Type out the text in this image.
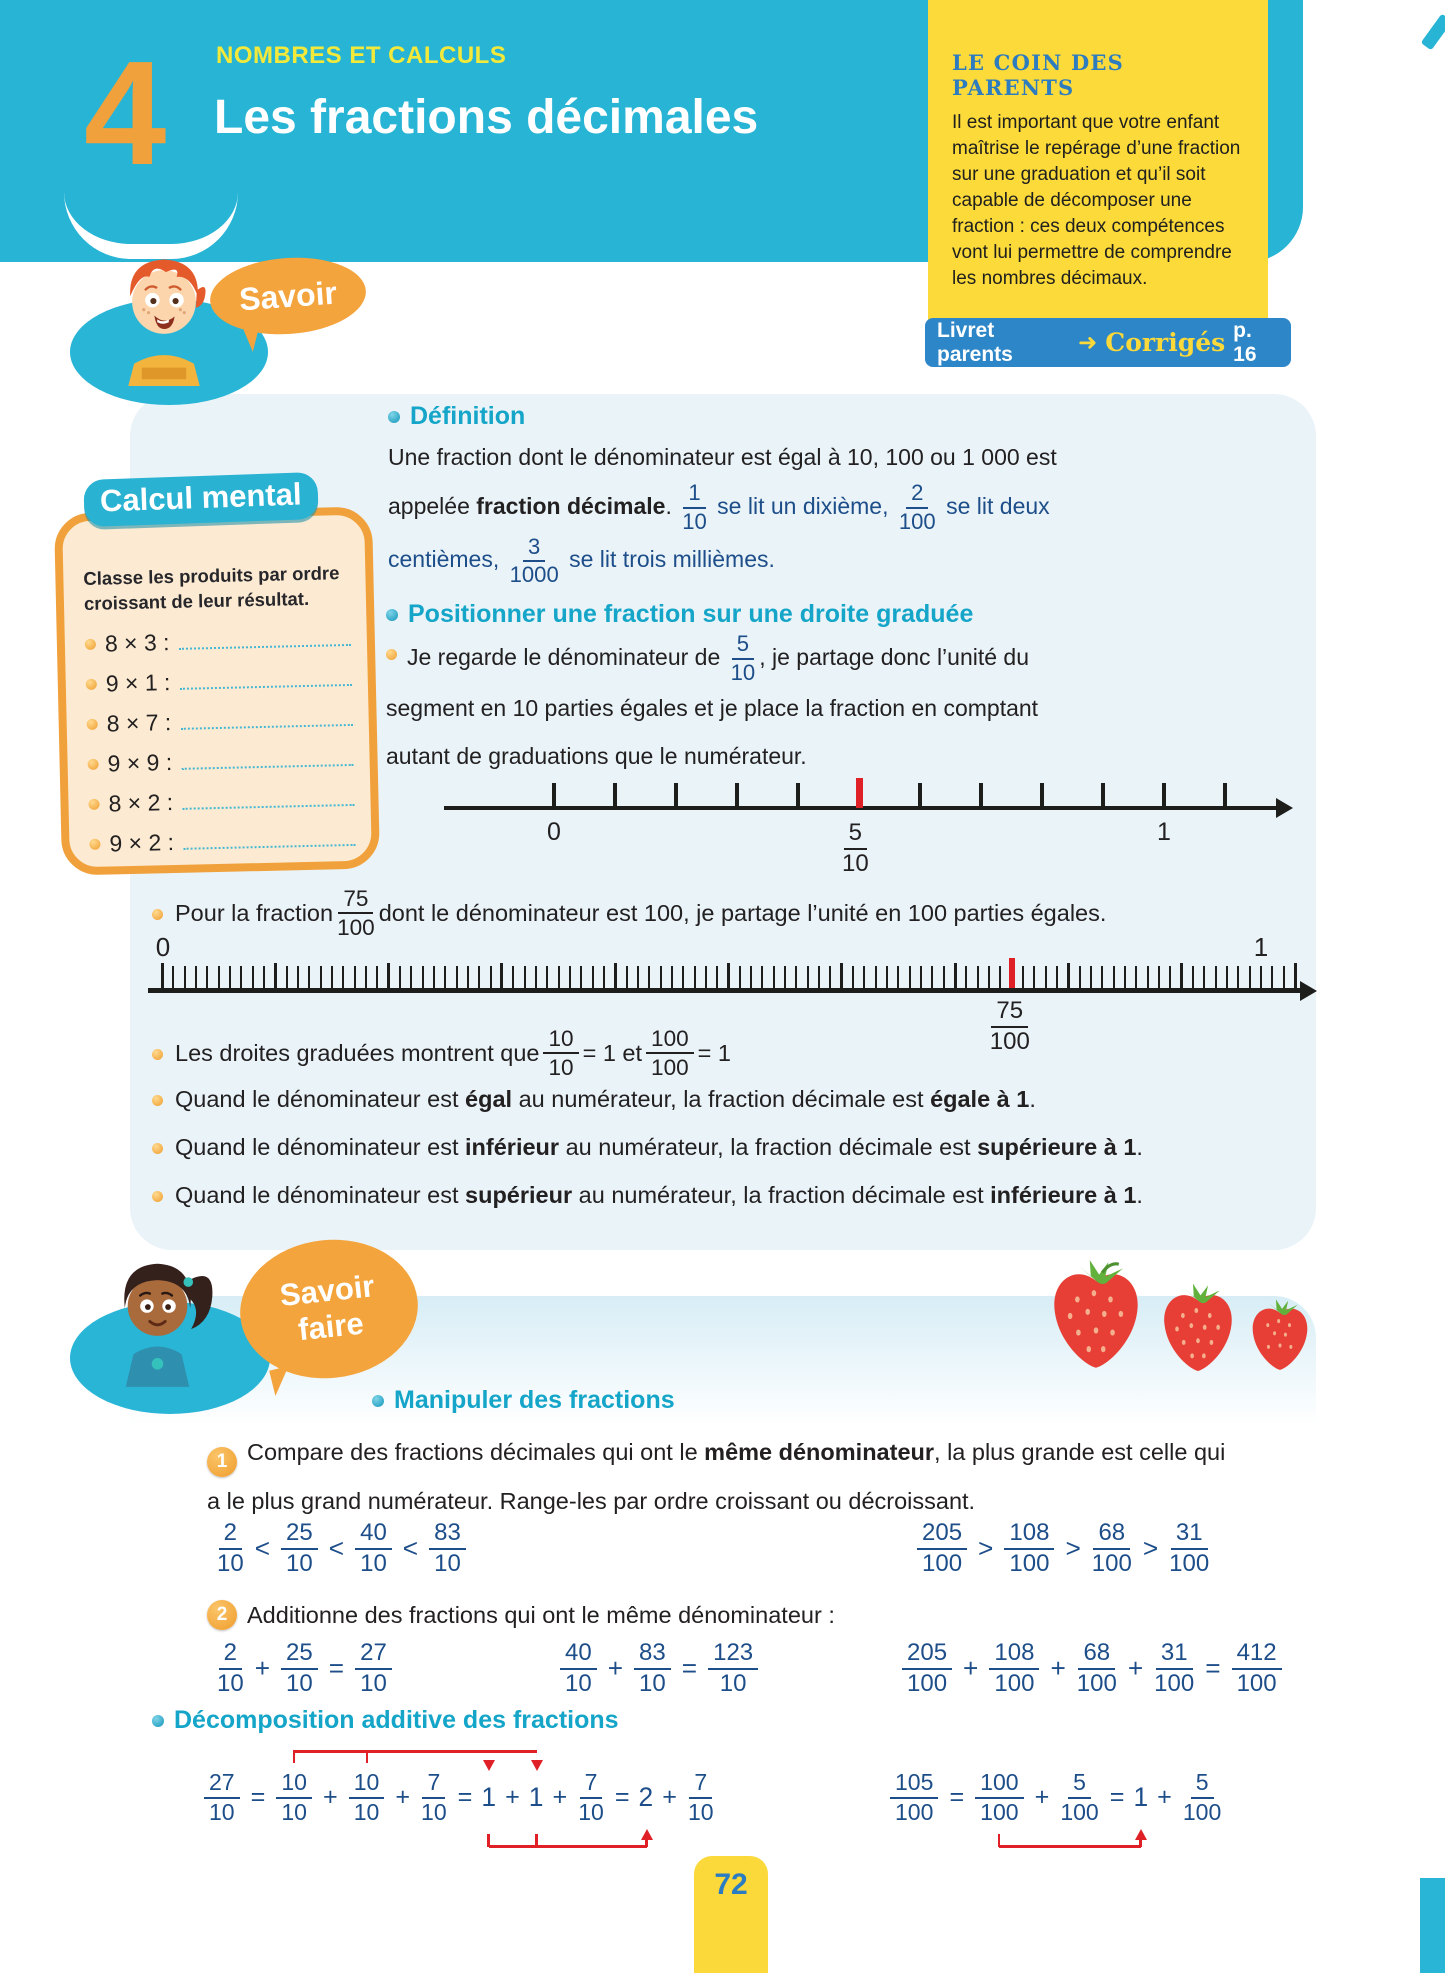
4 NOMBRES ET CALCULS
Les fractions décimales
LE COIN DES PARENTS
Il est important que votre enfant maîtrise le repérage d’une fraction sur une graduation et qu’il soit capable de décomposer une fraction : ces deux compétences vont lui permettre de comprendre les nombres décimaux.
Livret parents	➜ Corrigés p. 16
Savoir
Classe les produits par ordre
croissant de leur résultat.
8 × 3 :
9 × 1 :
8 × 7 :
9 × 9 :
8 × 2 :
9 × 2 :
Calcul mental
Définition
Une fraction dont le dénominateur est égal à 10, 100 ou 1 000 est
appelée fraction décimale. $\frac{1}{10}$ se lit un dixième, $\frac{2}{100}$ se lit deux
centièmes, $\frac{3}{1000}$ se lit trois millièmes.
Positionner une fraction sur une droite graduée
Je regarde le dénominateur de $\frac{5}{10}$ , je partage donc l’unité du
segment en 10 parties égales et je place la fraction en comptant
autant de graduations que le numérateur.
0	1
$\frac{5}{10}$
Pour la fraction $\frac{75}{100}$ dont le dénominateur est 100, je partage l’unité en 100 parties égales.
0	1
$\frac{75}{100}$
Les droites graduées montrent que $\frac{10}{10} = 1$ et $\frac{100}{100} = 1$
Quand le dénominateur est égal au numérateur, la fraction décimale est égale à 1.
Quand le dénominateur est inférieur au numérateur, la fraction décimale est supérieure à 1.
Quand le dénominateur est supérieur au numérateur, la fraction décimale est inférieure à 1.
Savoir
faire
Manipuler des fractions
1 Compare des fractions décimales qui ont le même dénominateur, la plus grande est celle qui
a le plus grand numérateur. Range-les par ordre croissant ou décroissant.
$\frac{2}{10} < \frac{25}{10} < \frac{40}{10} < \frac{83}{10}$	$\frac{205}{100} > \frac{108}{100} > \frac{68}{100} > \frac{31}{100}$
2 Additionne des fractions qui ont le même dénominateur :
$\frac{2}{10} + \frac{25}{10} = \frac{27}{10}$	$\frac{40}{10} + \frac{83}{10} = \frac{123}{10}$	$\frac{205}{100} + \frac{108}{100} + \frac{68}{100} + \frac{31}{100} = \frac{412}{100}$
Décomposition additive des fractions
$\frac{27}{10} = \frac{10}{10} + \frac{10}{10} + \frac{7}{10} = 1 + 1 + \frac{7}{10} = 2 + \frac{7}{10}$	$\frac{105}{100} = \frac{100}{100} + \frac{5}{100} = 1 + \frac{5}{100}$
72
